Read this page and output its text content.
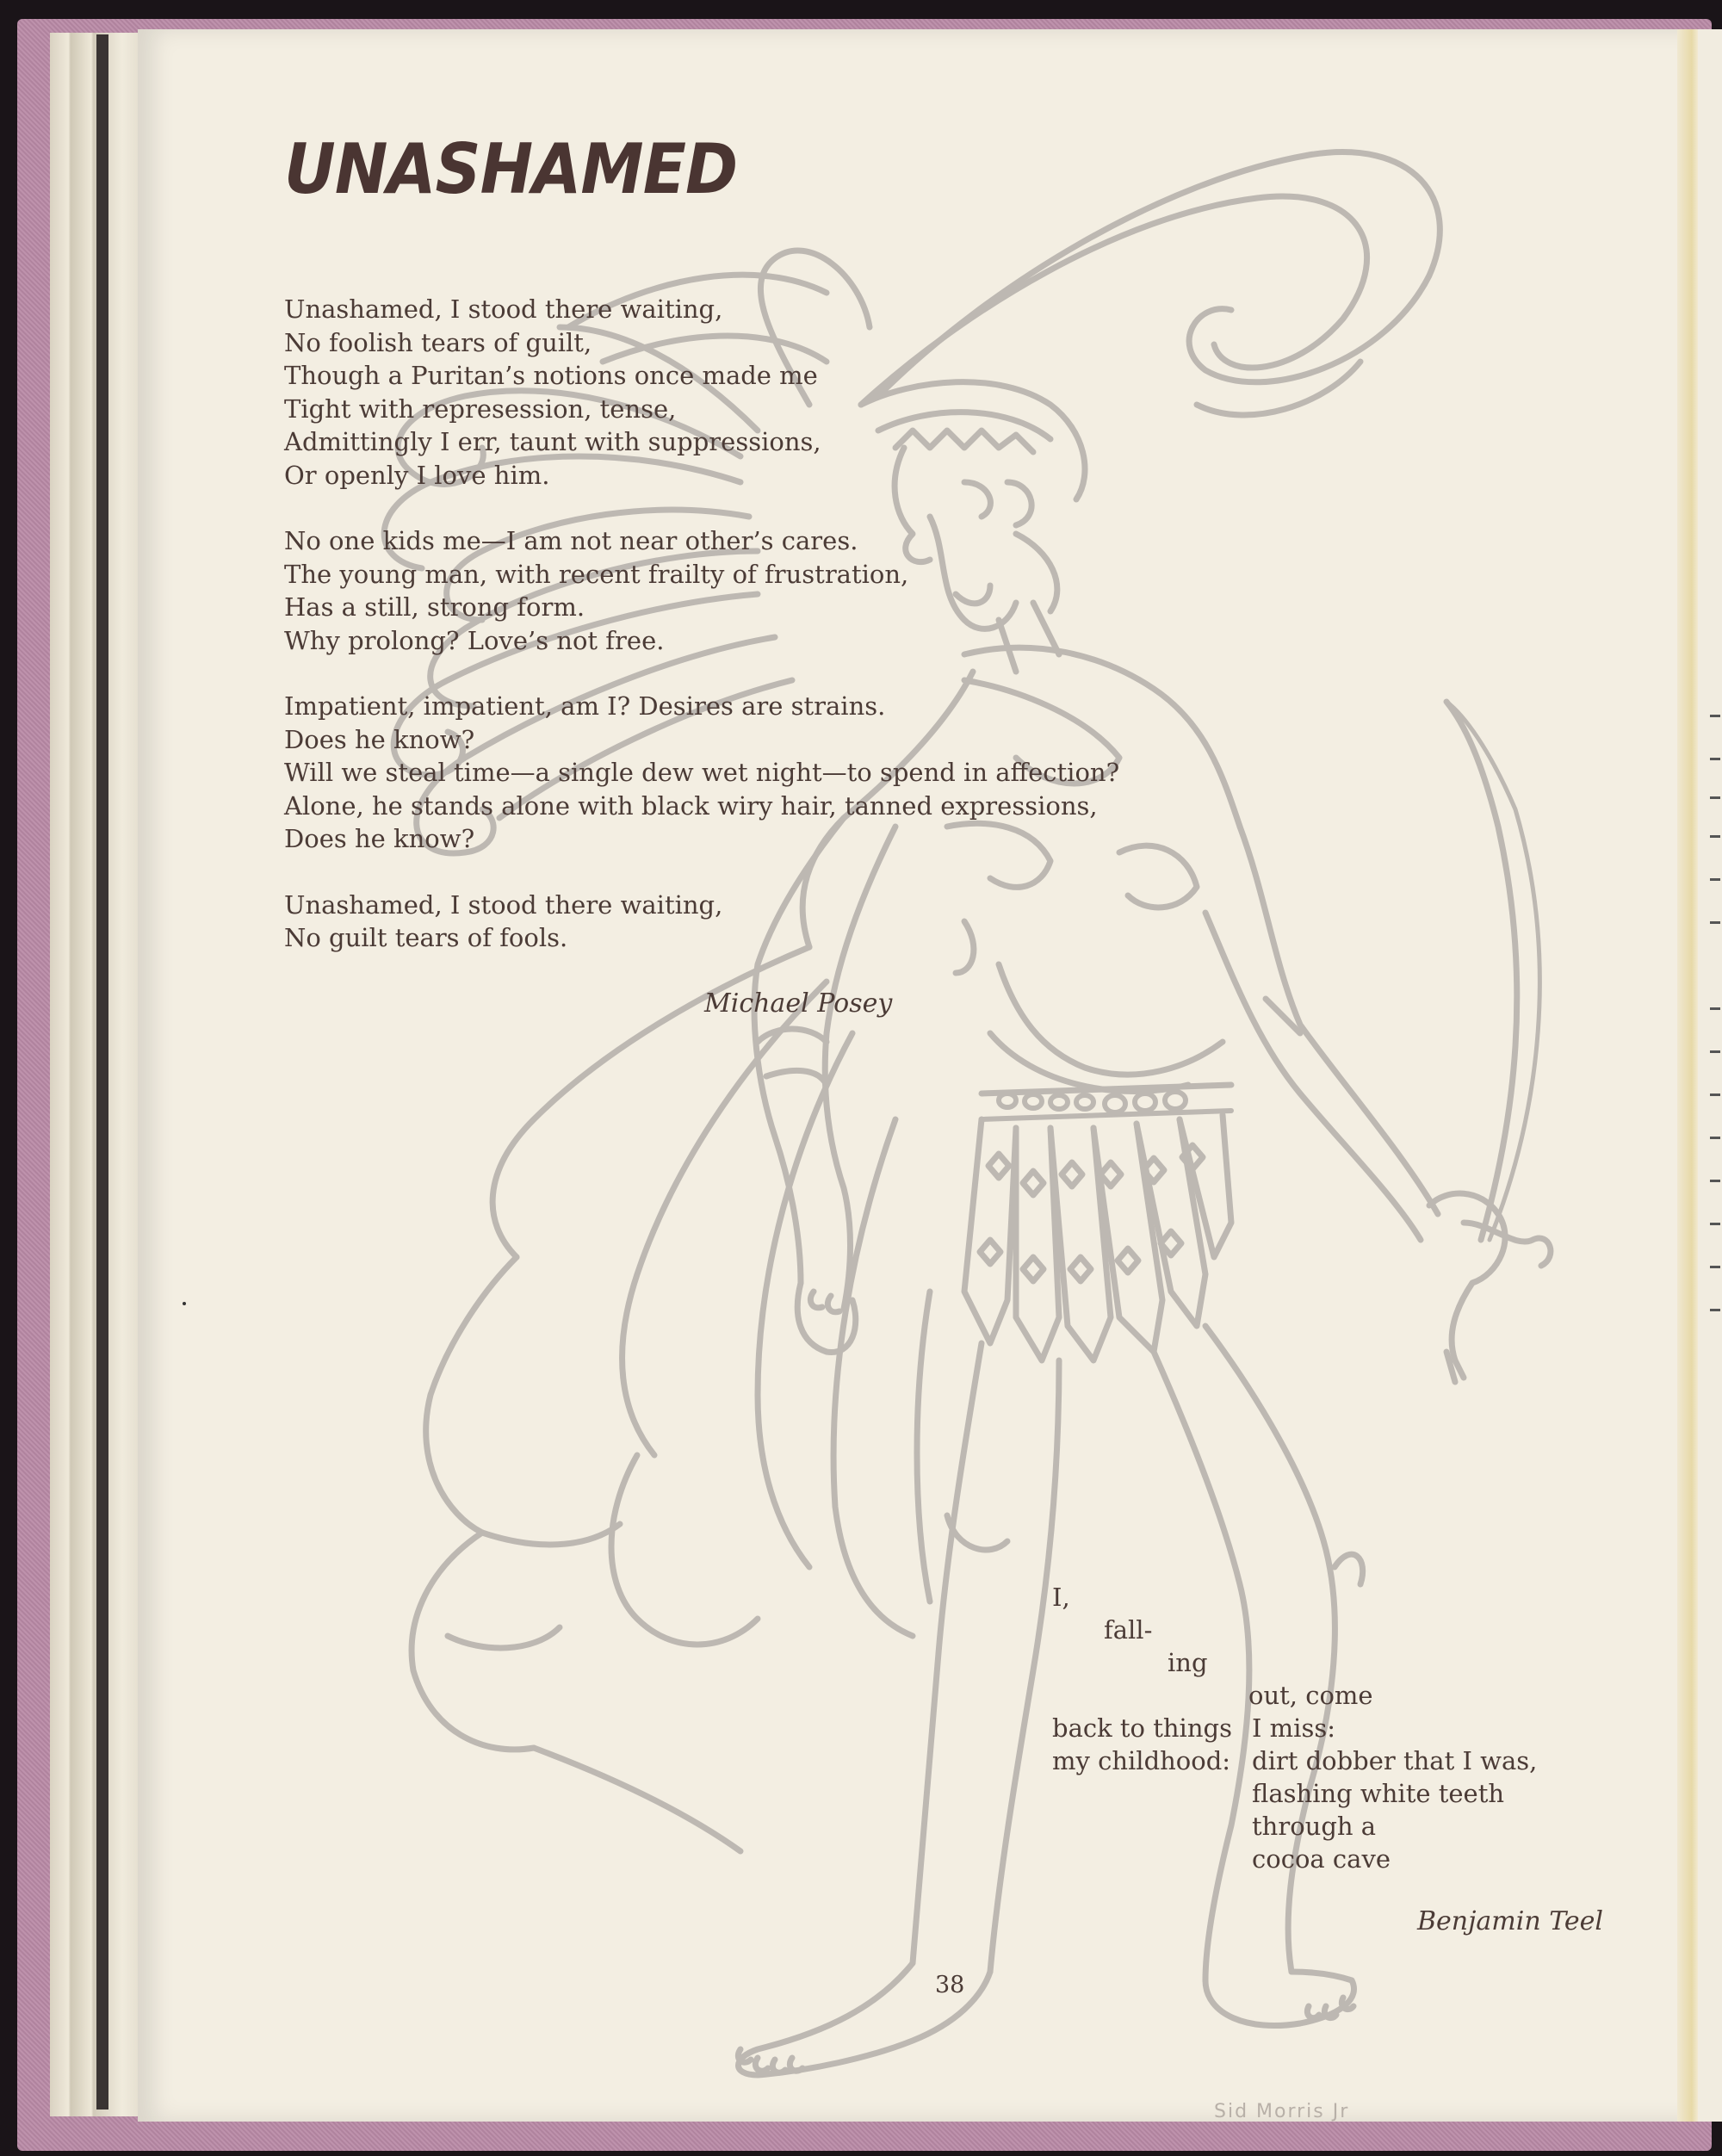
UNASHAMED
Unashamed, I stood there waiting,
No foolish tears of guilt,
Though a Puritan’s notions once made me
Tight with represession, tense,
Admittingly I err, taunt with suppressions,
Or openly I love him.
No one kids me—I am not near other’s cares.
The young man, with recent frailty of frustration,
Has a still, strong form.
Why prolong? Love’s not free.
Impatient, impatient, am I? Desires are strains.
Does he know?
Will we steal time—a single dew wet night—to spend in affection?
Alone, he stands alone with black wiry hair, tanned expressions,
Does he know?
Unashamed, I stood there waiting,
No guilt tears of fools.
Michael Posey
I,
fall-
ing
out, come
back to things I miss:
my childhood: dirt dobber that I was,
flashing white teeth
through a
cocoa cave
Benjamin Teel
38
Sid Morris Jr
